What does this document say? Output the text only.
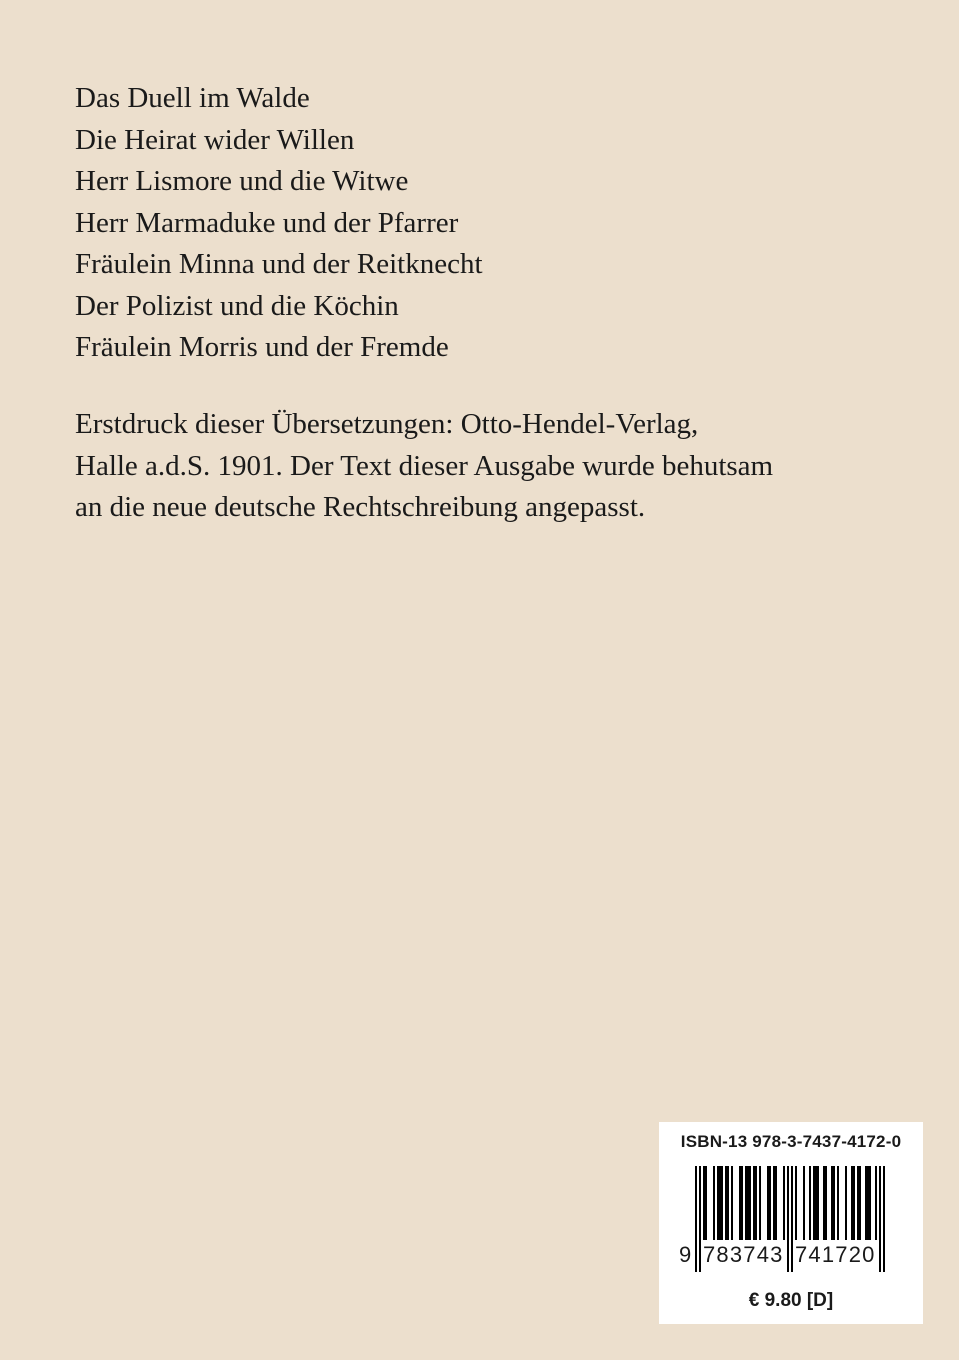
Das Duell im Walde
Die Heirat wider Willen
Herr Lismore und die Witwe
Herr Marmaduke und der Pfarrer
Fräulein Minna und der Reitknecht
Der Polizist und die Köchin
Fräulein Morris und der Fremde
Erstdruck dieser Übersetzungen: Otto-Hendel-Verlag,
Halle a.d.S. 1901. Der Text dieser Ausgabe wurde behutsam
an die neue deutsche Rechtschreibung angepasst.
ISBN-13 978-3-7437-4172-0
9 783743 741720
€ 9.80 [D]
